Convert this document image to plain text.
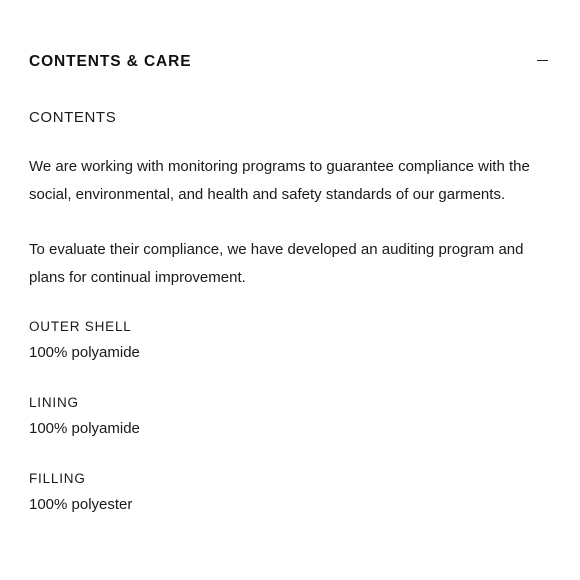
CONTENTS & CARE

CONTENTS

We are working with monitoring programs to guarantee compliance with the social, environmental, and health and safety standards of our garments.

To evaluate their compliance, we have developed an auditing program and plans for continual improvement.

OUTER SHELL

100% polyamide

LINING

100% polyamide

FILLING

100% polyester
